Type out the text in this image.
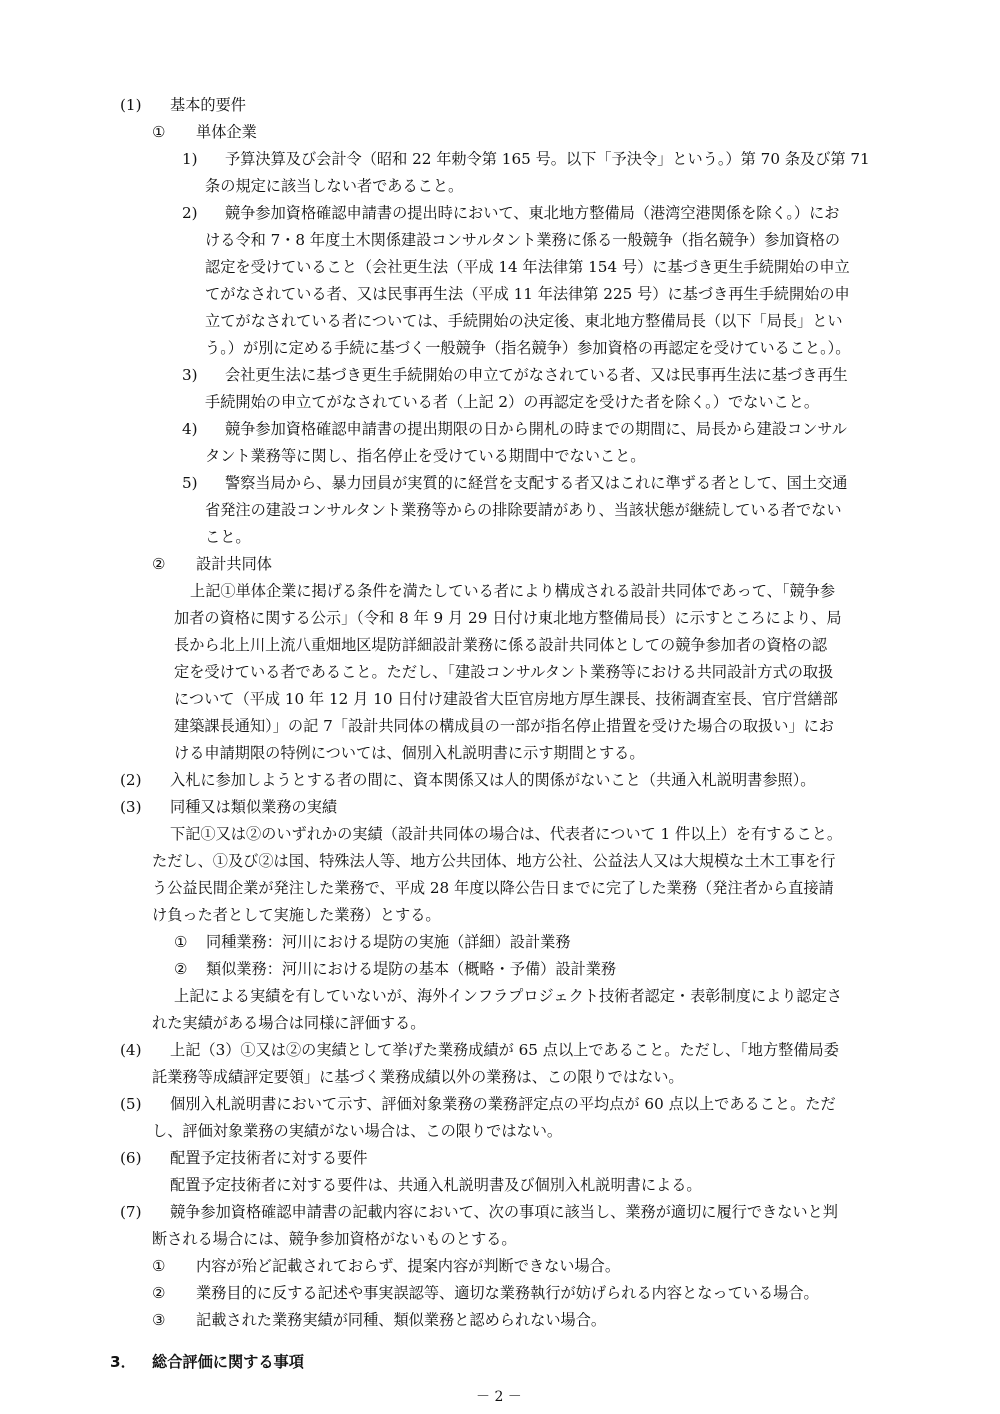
(1) 基本的要件
① 単体企業
1) 予算決算及び会計令（昭和 22 年勅令第 165 号。以下「予決令」という。）第 70 条及び第 71
条の規定に該当しない者であること。
2) 競争参加資格確認申請書の提出時において、東北地方整備局（港湾空港関係を除く。）にお
ける令和 7・8 年度土木関係建設コンサルタント業務に係る一般競争（指名競争）参加資格の
認定を受けていること（会社更生法（平成 14 年法律第 154 号）に基づき更生手続開始の申立
てがなされている者、又は民事再生法（平成 11 年法律第 225 号）に基づき再生手続開始の申
立てがなされている者については、手続開始の決定後、東北地方整備局長（以下「局長」とい
う。）が別に定める手続に基づく一般競争（指名競争）参加資格の再認定を受けていること。）。
3) 会社更生法に基づき更生手続開始の申立てがなされている者、又は民事再生法に基づき再生
手続開始の申立てがなされている者（上記 2）の再認定を受けた者を除く。）でないこと。
4) 競争参加資格確認申請書の提出期限の日から開札の時までの期間に、局長から建設コンサル
タント業務等に関し、指名停止を受けている期間中でないこと。
5) 警察当局から、暴力団員が実質的に経営を支配する者又はこれに準ずる者として、国土交通
省発注の建設コンサルタント業務等からの排除要請があり、当該状態が継続している者でない
こと。
② 設計共同体
上記①単体企業に掲げる条件を満たしている者により構成される設計共同体であって、「競争参
加者の資格に関する公示」（令和 8 年 9 月 29 日付け東北地方整備局長）に示すところにより、局
長から北上川上流八重畑地区堤防詳細設計業務に係る設計共同体としての競争参加者の資格の認
定を受けている者であること。ただし、「建設コンサルタント業務等における共同設計方式の取扱
について（平成 10 年 12 月 10 日付け建設省大臣官房地方厚生課長、技術調査室長、官庁営繕部
建築課長通知）」の記 7「設計共同体の構成員の一部が指名停止措置を受けた場合の取扱い」にお
ける申請期限の特例については、個別入札説明書に示す期間とする。
(2) 入札に参加しようとする者の間に、資本関係又は人的関係がないこと（共通入札説明書参照）。
(3) 同種又は類似業務の実績
下記①又は②のいずれかの実績（設計共同体の場合は、代表者について 1 件以上）を有すること。
ただし、①及び②は国、特殊法人等、地方公共団体、地方公社、公益法人又は大規模な土木工事を行
う公益民間企業が発注した業務で、平成 28 年度以降公告日までに完了した業務（発注者から直接請
け負った者として実施した業務）とする。
① 同種業務：河川における堤防の実施（詳細）設計業務
② 類似業務：河川における堤防の基本（概略・予備）設計業務
上記による実績を有していないが、海外インフラプロジェクト技術者認定・表彰制度により認定さ
れた実績がある場合は同様に評価する。
(4) 上記（3）①又は②の実績として挙げた業務成績が 65 点以上であること。ただし、「地方整備局委
託業務等成績評定要領」に基づく業務成績以外の業務は、この限りではない。
(5) 個別入札説明書において示す、評価対象業務の業務評定点の平均点が 60 点以上であること。ただ
し、評価対象業務の実績がない場合は、この限りではない。
(6) 配置予定技術者に対する要件
配置予定技術者に対する要件は、共通入札説明書及び個別入札説明書による。
(7) 競争参加資格確認申請書の記載内容において、次の事項に該当し、業務が適切に履行できないと判
断される場合には、競争参加資格がないものとする。
① 内容が殆ど記載されておらず、提案内容が判断できない場合。
② 業務目的に反する記述や事実誤認等、適切な業務執行が妨げられる内容となっている場合。
③ 記載された業務実績が同種、類似業務と認められない場合。
3． 総合評価に関する事項
－ 2 －
